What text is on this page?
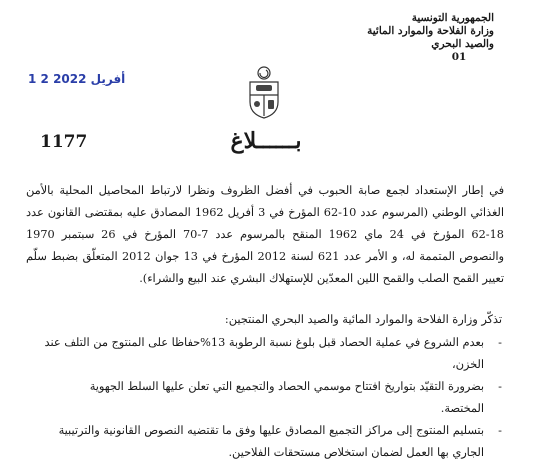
الجمهورية التونسية
وزارة الفلاحة والموارد المائية
والصيد البحري
01
1 2 أفريل 2022
1177	بــــــلاغ

في إطار الإستعداد لجمع صابة الحبوب في أفضل الظروف ونظرا لارتباط المحاصيل المحلية بالأمن الغذائي الوطني (المرسوم عدد 10-62 المؤرخ في 3 أفريل 1962 المصادق عليه بمقتضى القانون عدد 18-62 المؤرخ في 24 ماي 1962 المنقح بالمرسوم عدد 7-70 المؤرخ في 26 سبتمبر 1970 والنصوص المتممة له، و الأمر عدد 621 لسنة 2012 المؤرخ في 13 جوان 2012 المتعلّق بضبط سلّم تعيير القمح الصلب والقمح اللين المعدّين للإستهلاك البشري عند البيع والشراء).

تذكّر وزارة الفلاحة والموارد المائية والصيد البحري المنتجين:
-
بعدم الشروع في عملية الحصاد قبل بلوغ نسبة الرطوبة 13%حفاظا على المنتوج من التلف عند الخزن،
-
بضرورة التقيّد بتواريخ افتتاح موسمي الحصاد والتجميع التي تعلن عليها السلط الجهوية المختصة.
-
بتسليم المنتوج إلى مراكز التجميع المصادق عليها وفق ما تقتضيه النصوص القانونية والترتيبية الجاري بها العمل لضمان استخلاص مستحقات الفلاحين.
